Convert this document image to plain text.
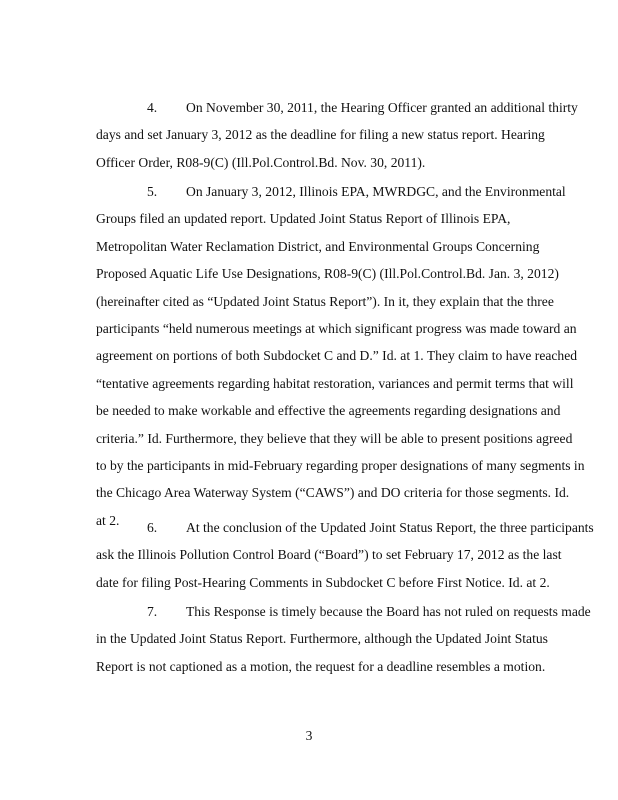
4. On November 30, 2011, the Hearing Officer granted an additional thirty
days and set January 3, 2012 as the deadline for filing a new status report. Hearing
Officer Order, R08-9(C) (Ill.Pol.Control.Bd. Nov. 30, 2011).
5. On January 3, 2012, Illinois EPA, MWRDGC, and the Environmental
Groups filed an updated report. Updated Joint Status Report of Illinois EPA,
Metropolitan Water Reclamation District, and Environmental Groups Concerning
Proposed Aquatic Life Use Designations, R08-9(C) (Ill.Pol.Control.Bd. Jan. 3, 2012)
(hereinafter cited as “Updated Joint Status Report”). In it, they explain that the three
participants “held numerous meetings at which significant progress was made toward an
agreement on portions of both Subdocket C and D.” Id. at 1. They claim to have reached
“tentative agreements regarding habitat restoration, variances and permit terms that will
be needed to make workable and effective the agreements regarding designations and
criteria.” Id. Furthermore, they believe that they will be able to present positions agreed
to by the participants in mid-February regarding proper designations of many segments in
the Chicago Area Waterway System (“CAWS”) and DO criteria for those segments. Id.
at 2. 6. At the conclusion of the Updated Joint Status Report, the three participants
ask the Illinois Pollution Control Board (“Board”) to set February 17, 2012 as the last
date for filing Post-Hearing Comments in Subdocket C before First Notice. Id. at 2.
7. This Response is timely because the Board has not ruled on requests made
in the Updated Joint Status Report. Furthermore, although the Updated Joint Status
Report is not captioned as a motion, the request for a deadline resembles a motion.
3
